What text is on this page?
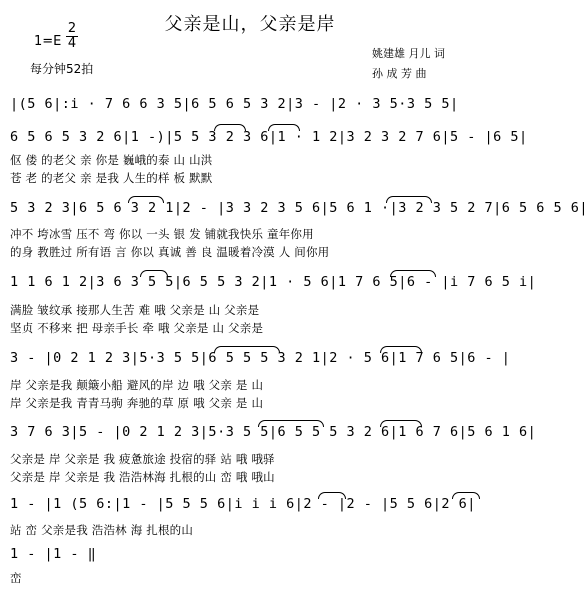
父亲是山，父亲是岸
1=E
2
4
每分钟52拍
姚建雄 月儿 词
孙 成 芳 曲
|(5 6|:i · 7 6 6 3 5|6 5 6 5 3 2|3 - |2 · 3 5·3 5 5|
6 5 6 5 3 2 6|1 -)|5 5 3 2 3 6|1 · 1 2|3 2 3 2 7 6|5 - |6 5|
伛 偻 的老父 亲 你是 巍峨的泰 山 山洪
苍 老 的老父 亲 是我 人生的样 板 默默
5 3 2 3|6 5 6 3 2 1|2 - |3 3 2 3 5 6|5 6 1 ·|3 2 3 5 2 7|6 5 6 5 6|
冲不 垮冰雪 压不 弯 你以 一头 银 发 铺就我快乐 童年你用
的身 教胜过 所有语 言 你以 真诚 善 良 温暖着冷漠 人 间你用
1 1 6 1 2|3 6 3 5 5|6 5 5 3 2|1 · 5 6|1 7 6 5|6 - |i 7 6 5 i|
满脸 皱纹承 接那人生苦 难 哦 父亲是 山 父亲是
坚贞 不移来 把 母亲手长 牵 哦 父亲是 山 父亲是
3 - |0 2 1 2 3|5·3 5 5|6 5 5 5 3 2 1|2 · 5 6|1 7 6 5|6 - |
岸 父亲是我 颠簸小船 避风的岸 边 哦 父亲 是 山
岸 父亲是我 青青马驹 奔驰的草 原 哦 父亲 是 山
3 7 6 3|5 - |0 2 1 2 3|5·3 5 5|6 5 5 5 3 2 6|1 6 7 6|5 6 1 6|
父亲是 岸 父亲是 我 疲惫旅途 投宿的驿 站 哦 哦驿
父亲是 岸 父亲是 我 浩浩林海 扎根的山 峦 哦 哦山
1 - |1 (5 6:|1 - |5 5 5 6|i i i 6|2 - |2 - |5 5 6|2 6|
站 峦 父亲是我 浩浩林 海 扎根的山
1 - |1 - ‖
峦
